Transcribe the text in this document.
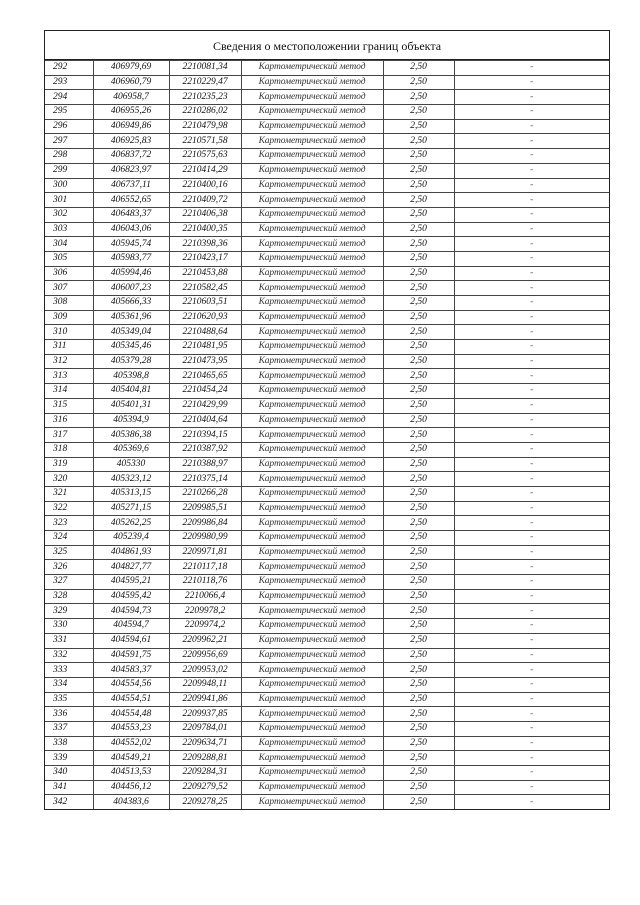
Сведения о местоположении границ объекта
292	406979,69	2210081,34	Картометрический метод	2,50	-
293	406960,79	2210229,47	Картометрический метод	2,50	-
294	406958,7	2210235,23	Картометрический метод	2,50	-
295	406955,26	2210286,02	Картометрический метод	2,50	-
296	406949,86	2210479,98	Картометрический метод	2,50	-
297	406925,83	2210571,58	Картометрический метод	2,50	-
298	406837,72	2210575,63	Картометрический метод	2,50	-
299	406823,97	2210414,29	Картометрический метод	2,50	-
300	406737,11	2210400,16	Картометрический метод	2,50	-
301	406552,65	2210409,72	Картометрический метод	2,50	-
302	406483,37	2210406,38	Картометрический метод	2,50	-
303	406043,06	2210400,35	Картометрический метод	2,50	-
304	405945,74	2210398,36	Картометрический метод	2,50	-
305	405983,77	2210423,17	Картометрический метод	2,50	-
306	405994,46	2210453,88	Картометрический метод	2,50	-
307	406007,23	2210582,45	Картометрический метод	2,50	-
308	405666,33	2210603,51	Картометрический метод	2,50	-
309	405361,96	2210620,93	Картометрический метод	2,50	-
310	405349,04	2210488,64	Картометрический метод	2,50	-
311	405345,46	2210481,95	Картометрический метод	2,50	-
312	405379,28	2210473,95	Картометрический метод	2,50	-
313	405398,8	2210465,65	Картометрический метод	2,50	-
314	405404,81	2210454,24	Картометрический метод	2,50	-
315	405401,31	2210429,99	Картометрический метод	2,50	-
316	405394,9	2210404,64	Картометрический метод	2,50	-
317	405386,38	2210394,15	Картометрический метод	2,50	-
318	405369,6	2210387,92	Картометрический метод	2,50	-
319	405330	2210388,97	Картометрический метод	2,50	-
320	405323,12	2210375,14	Картометрический метод	2,50	-
321	405313,15	2210266,28	Картометрический метод	2,50	-
322	405271,15	2209985,51	Картометрический метод	2,50	-
323	405262,25	2209986,84	Картометрический метод	2,50	-
324	405239,4	2209980,99	Картометрический метод	2,50	-
325	404861,93	2209971,81	Картометрический метод	2,50	-
326	404827,77	2210117,18	Картометрический метод	2,50	-
327	404595,21	2210118,76	Картометрический метод	2,50	-
328	404595,42	2210066,4	Картометрический метод	2,50	-
329	404594,73	2209978,2	Картометрический метод	2,50	-
330	404594,7	2209974,2	Картометрический метод	2,50	-
331	404594,61	2209962,21	Картометрический метод	2,50	-
332	404591,75	2209956,69	Картометрический метод	2,50	-
333	404583,37	2209953,02	Картометрический метод	2,50	-
334	404554,56	2209948,11	Картометрический метод	2,50	-
335	404554,51	2209941,86	Картометрический метод	2,50	-
336	404554,48	2209937,85	Картометрический метод	2,50	-
337	404553,23	2209784,01	Картометрический метод	2,50	-
338	404552,02	2209634,71	Картометрический метод	2,50	-
339	404549,21	2209288,81	Картометрический метод	2,50	-
340	404513,53	2209284,31	Картометрический метод	2,50	-
341	404456,12	2209279,52	Картометрический метод	2,50	-
342	404383,6	2209278,25	Картометрический метод	2,50	-
